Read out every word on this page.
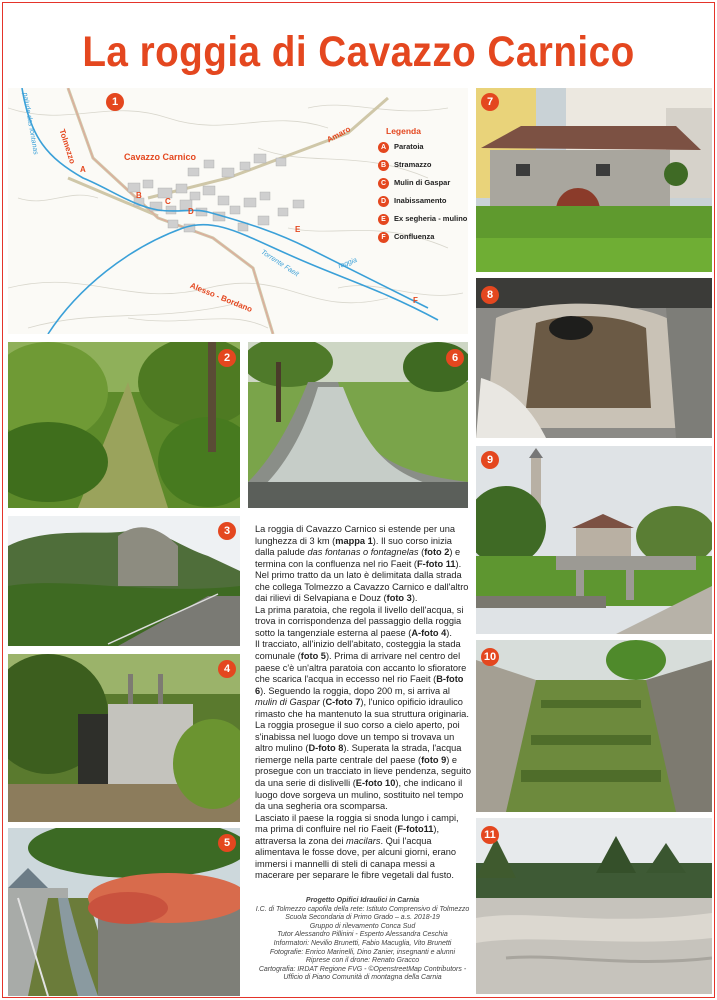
La roggia di Cavazzo Carnico
1
Tolmezzo	Cavazzo Carnico
Amaro
Alesso - Bordano
palude das fontanas
Torrente Faeit	roggia
A
B
C
D
E
F
Legenda
A	Paratoia
B	Stramazzo
C	Mulin di Gaspar
D	Inabissamento
E	Ex segheria - mulino
F	Confluenza
7
8
9
10
11
2	6
3
4
5

La roggia di Cavazzo Carnico si estende per una lunghezza di 3 km (mappa 1). Il suo corso inizia dalla palude das fontanas o fontagnelas (foto 2) e termina con la confluenza nel rio Faeit (F-foto 11).

Nel primo tratto da un lato è delimitata dalla strada che collega Tolmezzo a Cavazzo Carnico e dall'altro dai rilievi di Selvapiana e Douz (foto 3).

La prima paratoia, che regola il livello dell'acqua, si trova in corrispondenza del passaggio della roggia sotto la tangenziale esterna al paese (A-foto 4).

Il tracciato, all'inizio dell'abitato, costeggia la stada comunale (foto 5). Prima di arrivare nel centro del paese c'è un'altra paratoia con accanto lo sfioratore che scarica l'acqua in eccesso nel rio Faeit (B-foto 6). Seguendo la roggia, dopo 200 m, si arriva al mulin di Gaspar (C-foto 7), l'unico opificio idraulico rimasto che ha mantenuto la sua struttura originaria.

La roggia prosegue il suo corso a cielo aperto, poi s'inabissa nel luogo dove un tempo si trovava un altro mulino (D-foto 8). Superata la strada, l'acqua riemerge nella parte centrale del paese (foto 9) e prosegue con un tracciato in lieve pendenza, seguito da una serie di dislivelli (E-foto 10), che indicano il luogo dove sorgeva un mulino, sostituito nel tempo da una segheria ora scomparsa.

Lasciato il paese la roggia si snoda lungo i campi, ma prima di confluire nel rio Faeit (F-foto11), attraversa la zona dei macilars. Qui l'acqua alimentava le fosse dove, per alcuni giorni, erano immersi i mannelli di steli di canapa messi a macerare per separare le fibre vegetali dal fusto.

Progetto Opifici Idraulici in Carnia
I.C. di Tolmezzo capofila della rete: Istituto Comprensivo di Tolmezzo
Scuola Secondaria di Primo Grado – a.s. 2018-19
Gruppo di rilevamento Conca Sud
Tutor Alessandro Pillinini - Esperto Alessandra Ceschia
Informatori: Nevilio Brunetti, Fabio Macuglia, Vito Brunetti
Fotografie: Enrico Marinelli, Dino Zanier, insegnanti e alunni
Riprese con il drone: Renato Gracco
Cartografia: IRDAT Regione FVG - ©OpenstreetMap Contributors -
Ufficio di Piano Comunità di montagna della Carnia
